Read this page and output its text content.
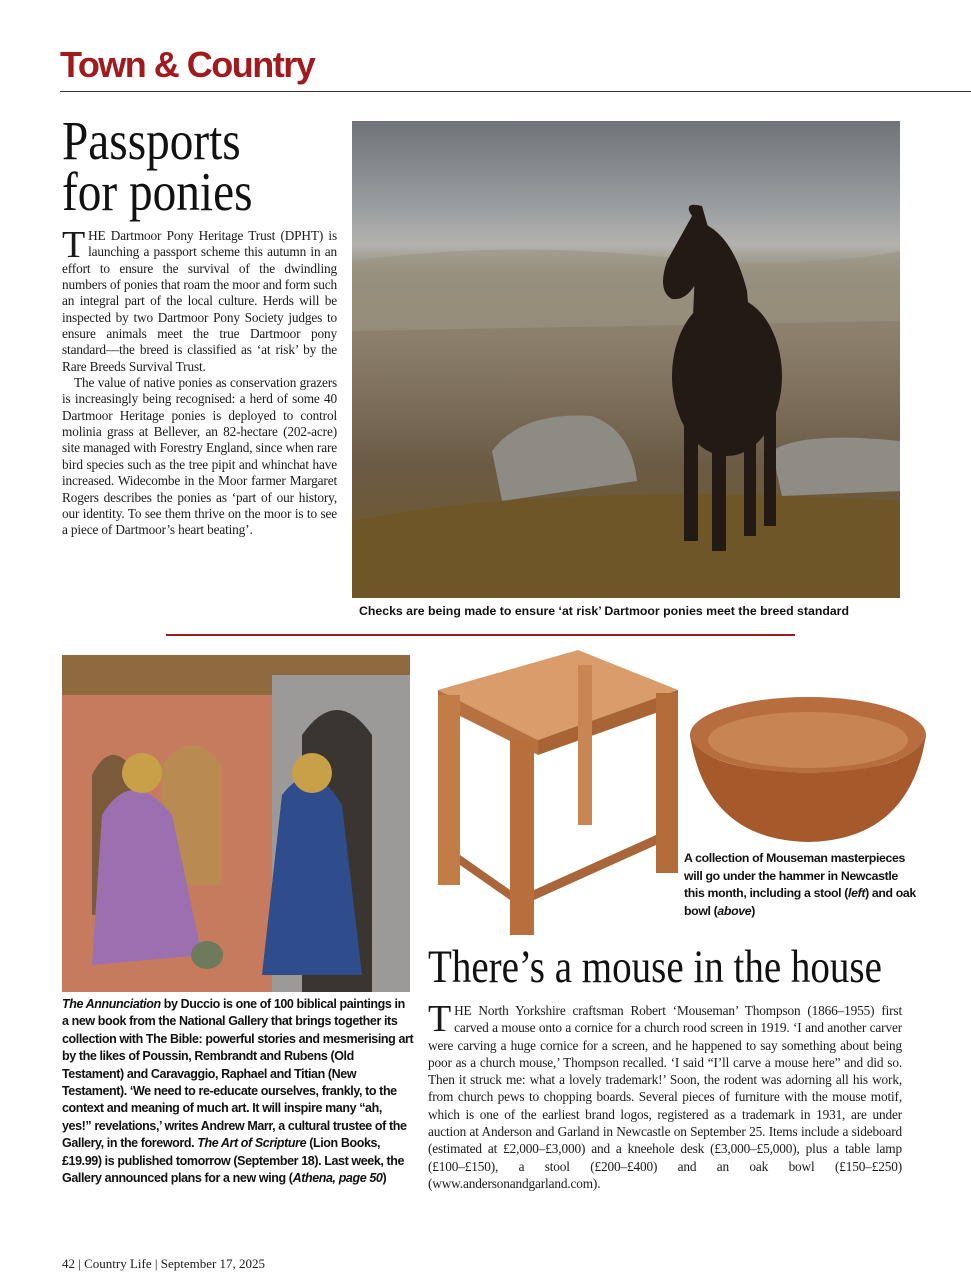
Town & Country
Passports
for ponies

THE Dartmoor Pony Heritage Trust (DPHT) is launching a passport scheme this autumn in an effort to ensure the survival of the dwindling numbers of ponies that roam the moor and form such an integral part of the local culture. Herds will be inspected by two Dartmoor Pony Society judges to ensure animals meet the true Dartmoor pony standard—the breed is classified as ‘at risk’ by the Rare Breeds Survival Trust.

The value of native ponies as conservation grazers is increasingly being recognised: a herd of some 40 Dartmoor Heritage ponies is deployed to control molinia grass at Bellever, an 82-hectare (202-acre) site managed with Forestry England, since when rare bird species such as the tree pipit and whinchat have increased. Widecombe in the Moor farmer Margaret Rogers describes the ponies as ‘part of our history, our identity. To see them thrive on the moor is to see a piece of Dartmoor’s heart beating’.

Checks are being made to ensure ‘at risk’ Dartmoor ponies meet the breed standard
The Annunciation by Duccio is one of 100 biblical paintings in a new book from the National Gallery that brings together its collection with The Bible: powerful stories and mesmerising art by the likes of Poussin, Rembrandt and Rubens (Old Testament) and Caravaggio, Raphael and Titian (New Testament). ‘We need to re-educate ourselves, frankly, to the context and meaning of much art. It will inspire many “ah, yes!” revelations,’ writes Andrew Marr, a cultural trustee of the Gallery, in the foreword. The Art of Scripture (Lion Books, £19.99) is published tomorrow (September 18). Last week, the Gallery announced plans for a new wing (Athena, page 50)
A collection of Mouseman masterpieces will go under the hammer in Newcastle this month, including a stool (left) and oak bowl (above)
There’s a mouse in the house

THE North Yorkshire craftsman Robert ‘Mouseman’ Thompson (1866–1955) first carved a mouse onto a cornice for a church rood screen in 1919. ‘I and another carver were carving a huge cornice for a screen, and he happened to say something about being poor as a church mouse,’ Thompson recalled. ‘I said “I’ll carve a mouse here” and did so. Then it struck me: what a lovely trademark!’ Soon, the rodent was adorning all his work, from church pews to chopping boards. Several pieces of furniture with the mouse motif, which is one of the earliest brand logos, registered as a trademark in 1931, are under auction at Anderson and Garland in Newcastle on September 25. Items include a sideboard (estimated at £2,000–£3,000) and a kneehole desk (£3,000–£5,000), plus a table lamp (£100–£150), a stool (£200–£400) and an oak bowl (£150–£250) (www.andersonandgarland.com).

42 | Country Life | September 17, 2025
